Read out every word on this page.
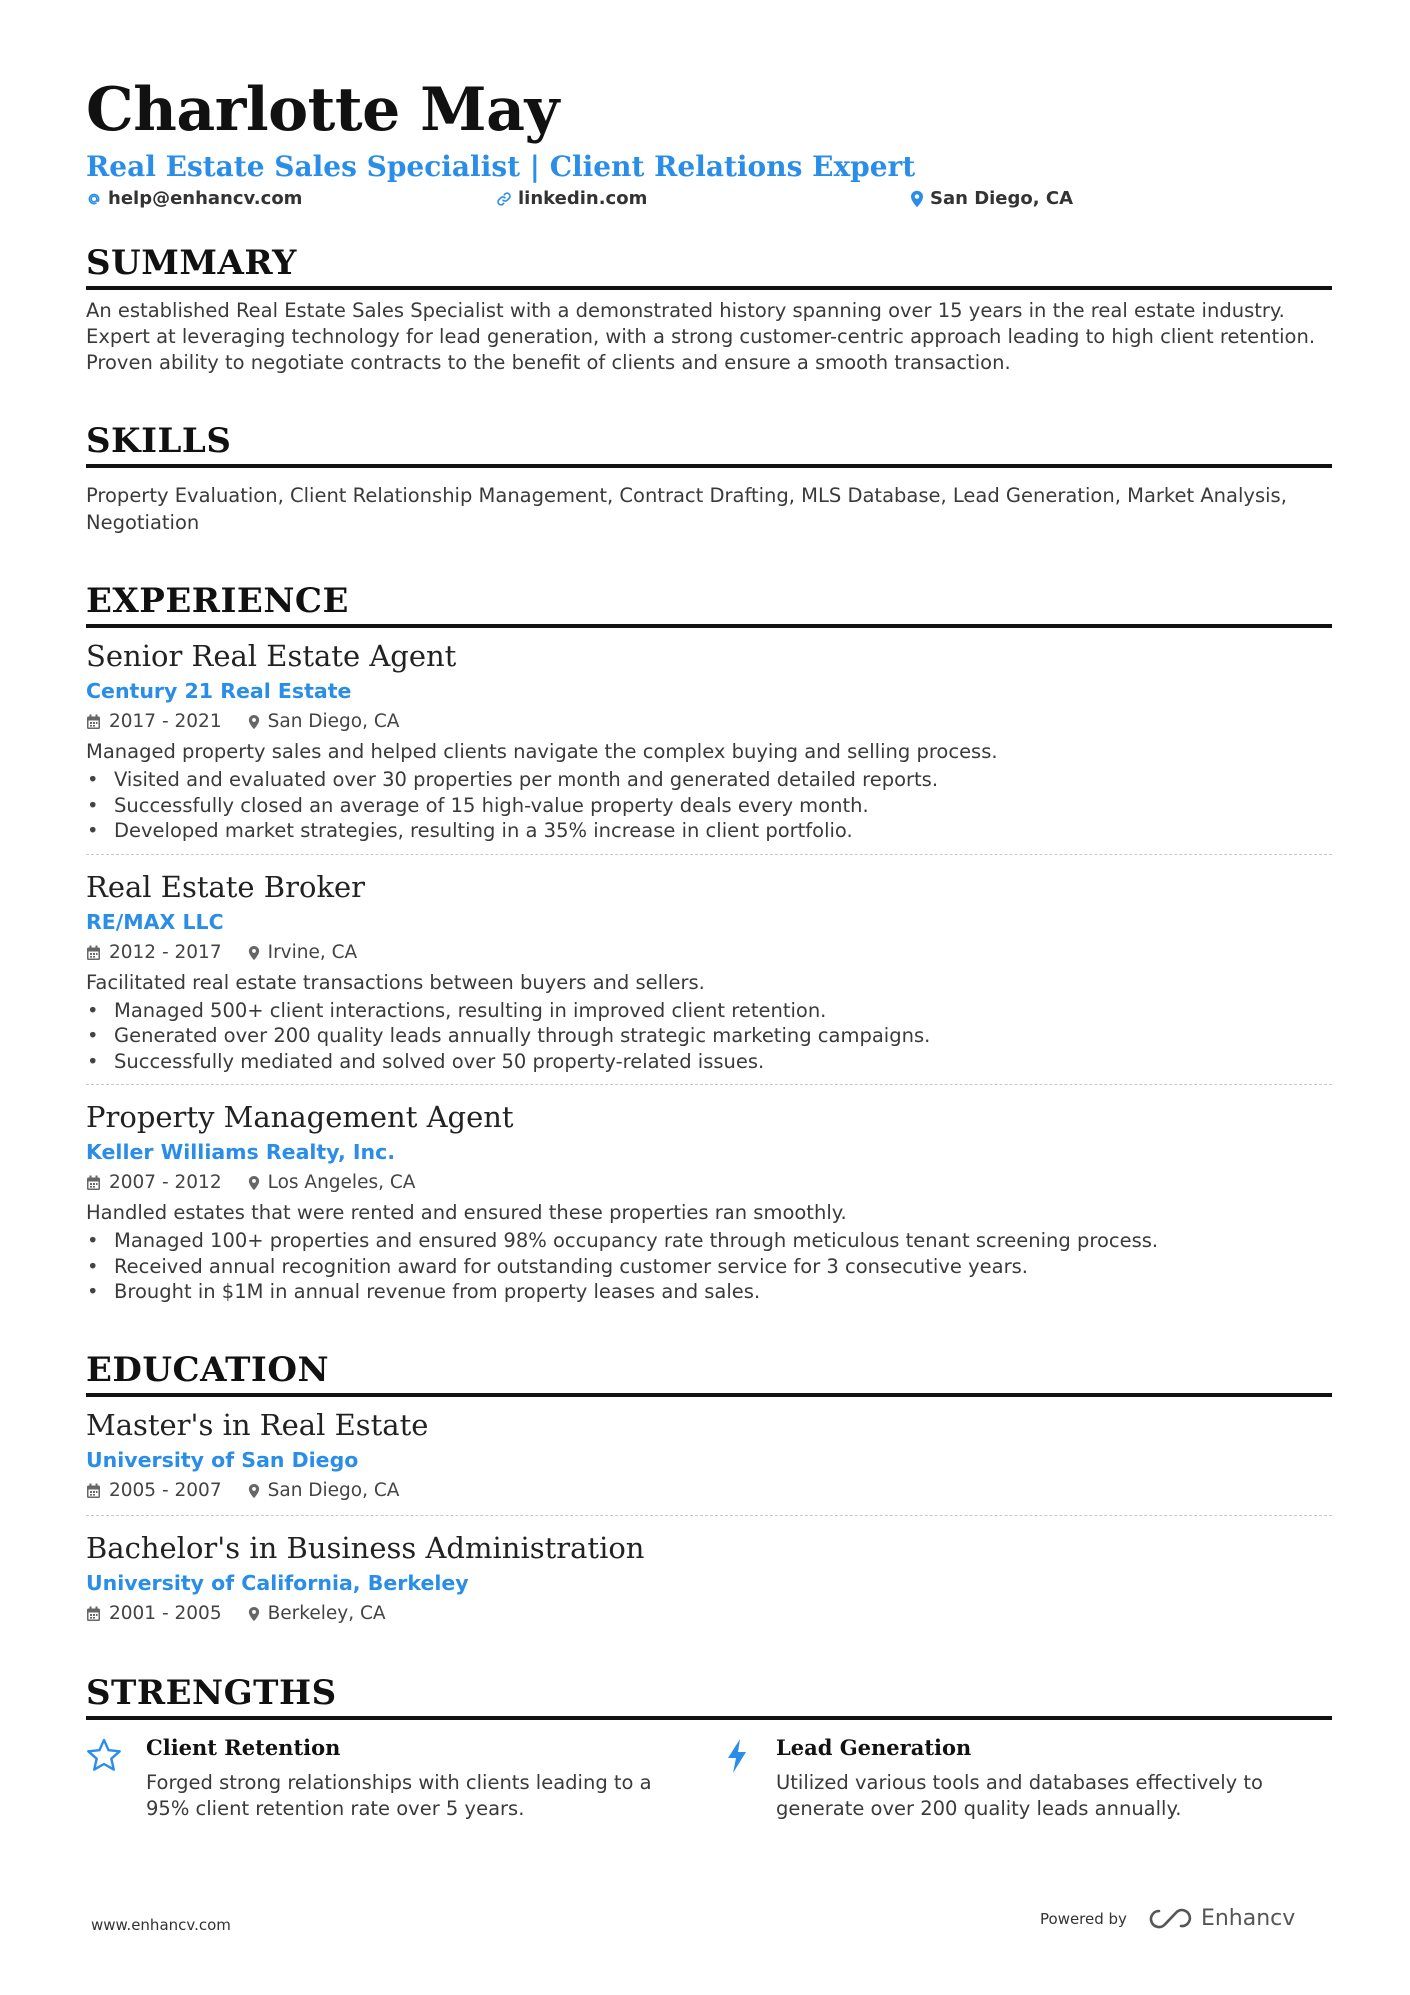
Charlotte May
Real Estate Sales Specialist | Client Relations Expert
help@enhancv.com	linkedin.com	San Diego, CA
SUMMARY
An established Real Estate Sales Specialist with a demonstrated history spanning over 15 years in the real estate industry. Expert at leveraging technology for lead generation, with a strong customer-centric approach leading to high client retention. Proven ability to negotiate contracts to the benefit of clients and ensure a smooth transaction.
SKILLS
Property Evaluation, Client Relationship Management, Contract Drafting, MLS Database, Lead Generation, Market Analysis, Negotiation
EXPERIENCE
Senior Real Estate Agent
Century 21 Real Estate
2017 - 2021 San Diego, CA
Managed property sales and helped clients navigate the complex buying and selling process.
• Visited and evaluated over 30 properties per month and generated detailed reports.
• Successfully closed an average of 15 high-value property deals every month.
• Developed market strategies, resulting in a 35% increase in client portfolio.
Real Estate Broker
RE/MAX LLC
2012 - 2017 Irvine, CA
Facilitated real estate transactions between buyers and sellers.
• Managed 500+ client interactions, resulting in improved client retention.
• Generated over 200 quality leads annually through strategic marketing campaigns.
• Successfully mediated and solved over 50 property-related issues.
Property Management Agent
Keller Williams Realty, Inc.
2007 - 2012 Los Angeles, CA
Handled estates that were rented and ensured these properties ran smoothly.
• Managed 100+ properties and ensured 98% occupancy rate through meticulous tenant screening process.
• Received annual recognition award for outstanding customer service for 3 consecutive years.
• Brought in $1M in annual revenue from property leases and sales.
EDUCATION
Master's in Real Estate
University of San Diego
2005 - 2007 San Diego, CA
Bachelor's in Business Administration
University of California, Berkeley
2001 - 2005 Berkeley, CA
STRENGTHS
Client Retention
Forged strong relationships with clients leading to a 95% client retention rate over 5 years.
Lead Generation
Utilized various tools and databases effectively to generate over 200 quality leads annually.
www.enhancv.com	Powered by	Enhancv
